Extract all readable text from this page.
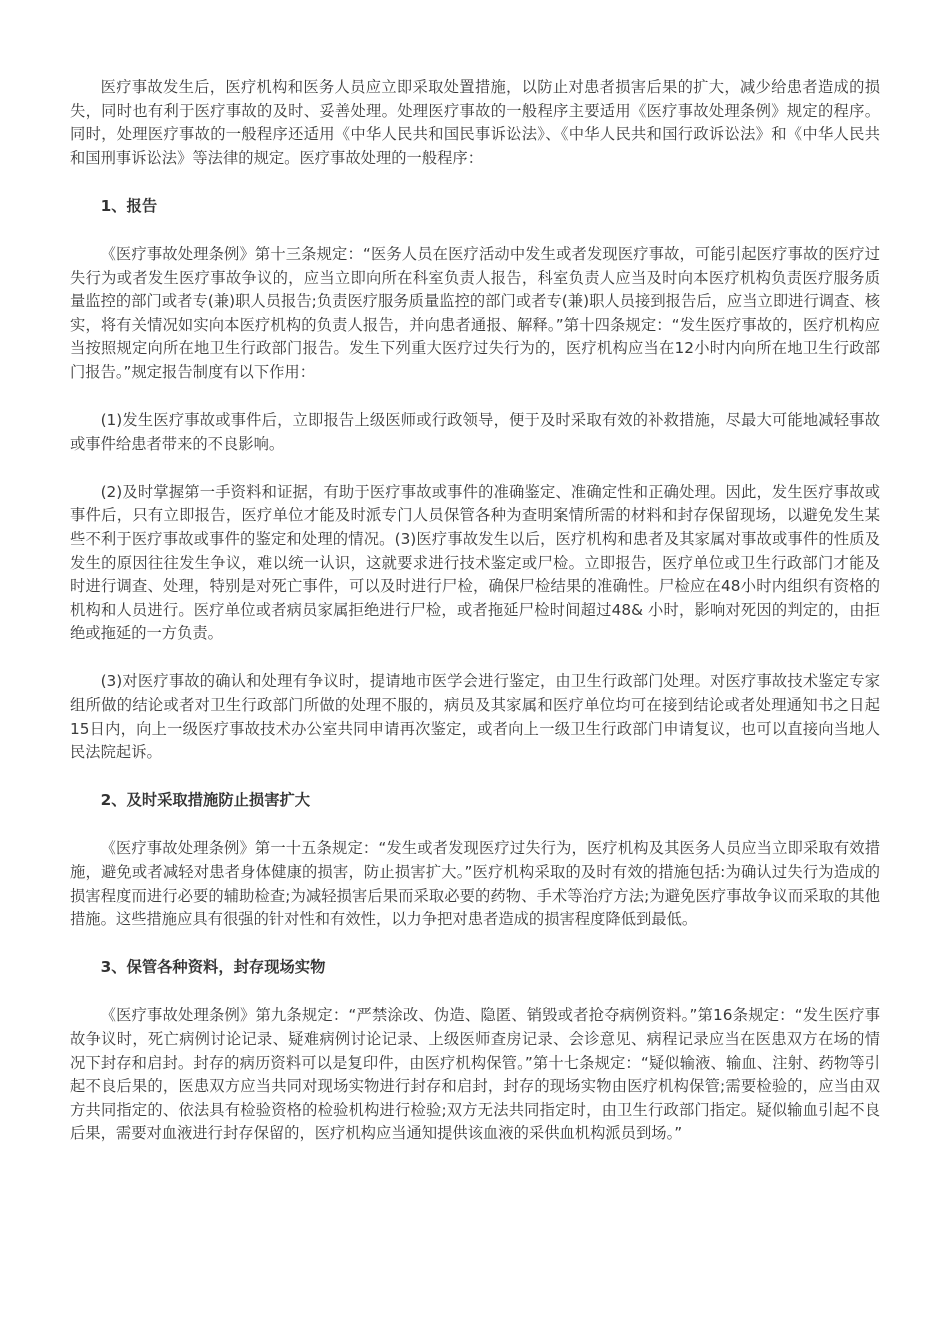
医疗事故发生后，医疗机构和医务人员应立即采取处置措施，以防止对患者损害后果的扩大，减少给患者造成的损失，同时也有利于医疗事故的及时、妥善处理。处理医疗事故的一般程序主要适用《医疗事故处理条例》规定的程序。同时，处理医疗事故的一般程序还适用《中华人民共和国民事诉讼法》、《中华人民共和国行政诉讼法》和《中华人民共和国刑事诉讼法》等法律的规定。医疗事故处理的一般程序：

1、报告

《医疗事故处理条例》第十三条规定：“医务人员在医疗活动中发生或者发现医疗事故，可能引起医疗事故的医疗过失行为或者发生医疗事故争议的，应当立即向所在科室负责人报告，科室负责人应当及时向本医疗机构负责医疗服务质量监控的部门或者专(兼)职人员报告;负责医疗服务质量监控的部门或者专(兼)职人员接到报告后，应当立即进行调查、核实，将有关情况如实向本医疗机构的负责人报告，并向患者通报、解释。”第十四条规定：“发生医疗事故的，医疗机构应当按照规定向所在地卫生行政部门报告。发生下列重大医疗过失行为的，医疗机构应当在12小时内向所在地卫生行政部门报告。”规定报告制度有以下作用：

(1)发生医疗事故或事件后，立即报告上级医师或行政领导，便于及时采取有效的补救措施，尽最大可能地减轻事故或事件给患者带来的不良影响。

(2)及时掌握第一手资料和证据，有助于医疗事故或事件的准确鉴定、准确定性和正确处理。因此，发生医疗事故或事件后，只有立即报告，医疗单位才能及时派专门人员保管各种为查明案情所需的材料和封存保留现场，以避免发生某些不利于医疗事故或事件的鉴定和处理的情况。(3)医疗事故发生以后，医疗机构和患者及其家属对事故或事件的性质及发生的原因往往发生争议，难以统一认识，这就要求进行技术鉴定或尸检。立即报告，医疗单位或卫生行政部门才能及时进行调查、处理，特别是对死亡事件，可以及时进行尸检，确保尸检结果的准确性。尸检应在48小时内组织有资格的机构和人员进行。医疗单位或者病员家属拒绝进行尸检，或者拖延尸检时间超过48& 小时，影响对死因的判定的，由拒绝或拖延的一方负责。

(3)对医疗事故的确认和处理有争议时，提请地市医学会进行鉴定，由卫生行政部门处理。对医疗事故技术鉴定专家组所做的结论或者对卫生行政部门所做的处理不服的，病员及其家属和医疗单位均可在接到结论或者处理通知书之日起15日内，向上一级医疗事故技术办公室共同申请再次鉴定，或者向上一级卫生行政部门申请复议，也可以直接向当地人民法院起诉。

2、及时采取措施防止损害扩大

《医疗事故处理条例》第一十五条规定：“发生或者发现医疗过失行为，医疗机构及其医务人员应当立即采取有效措施，避免或者减轻对患者身体健康的损害，防止损害扩大。”医疗机构采取的及时有效的措施包括:为确认过失行为造成的损害程度而进行必要的辅助检查;为减轻损害后果而采取必要的药物、手术等治疗方法;为避免医疗事故争议而采取的其他措施。这些措施应具有很强的针对性和有效性，以力争把对患者造成的损害程度降低到最低。

3、保管各种资料，封存现场实物

《医疗事故处理条例》第九条规定：“严禁涂改、伪造、隐匿、销毁或者抢夺病例资料。”第16条规定：“发生医疗事故争议时，死亡病例讨论记录、疑难病例讨论记录、上级医师查房记录、会诊意见、病程记录应当在医患双方在场的情况下封存和启封。封存的病历资料可以是复印件，由医疗机构保管。”第十七条规定：“疑似输液、输血、注射、药物等引起不良后果的，医患双方应当共同对现场实物进行封存和启封，封存的现场实物由医疗机构保管;需要检验的，应当由双方共同指定的、依法具有检验资格的检验机构进行检验;双方无法共同指定时，由卫生行政部门指定。疑似输血引起不良后果，需要对血液进行封存保留的，医疗机构应当通知提供该血液的采供血机构派员到场。”
